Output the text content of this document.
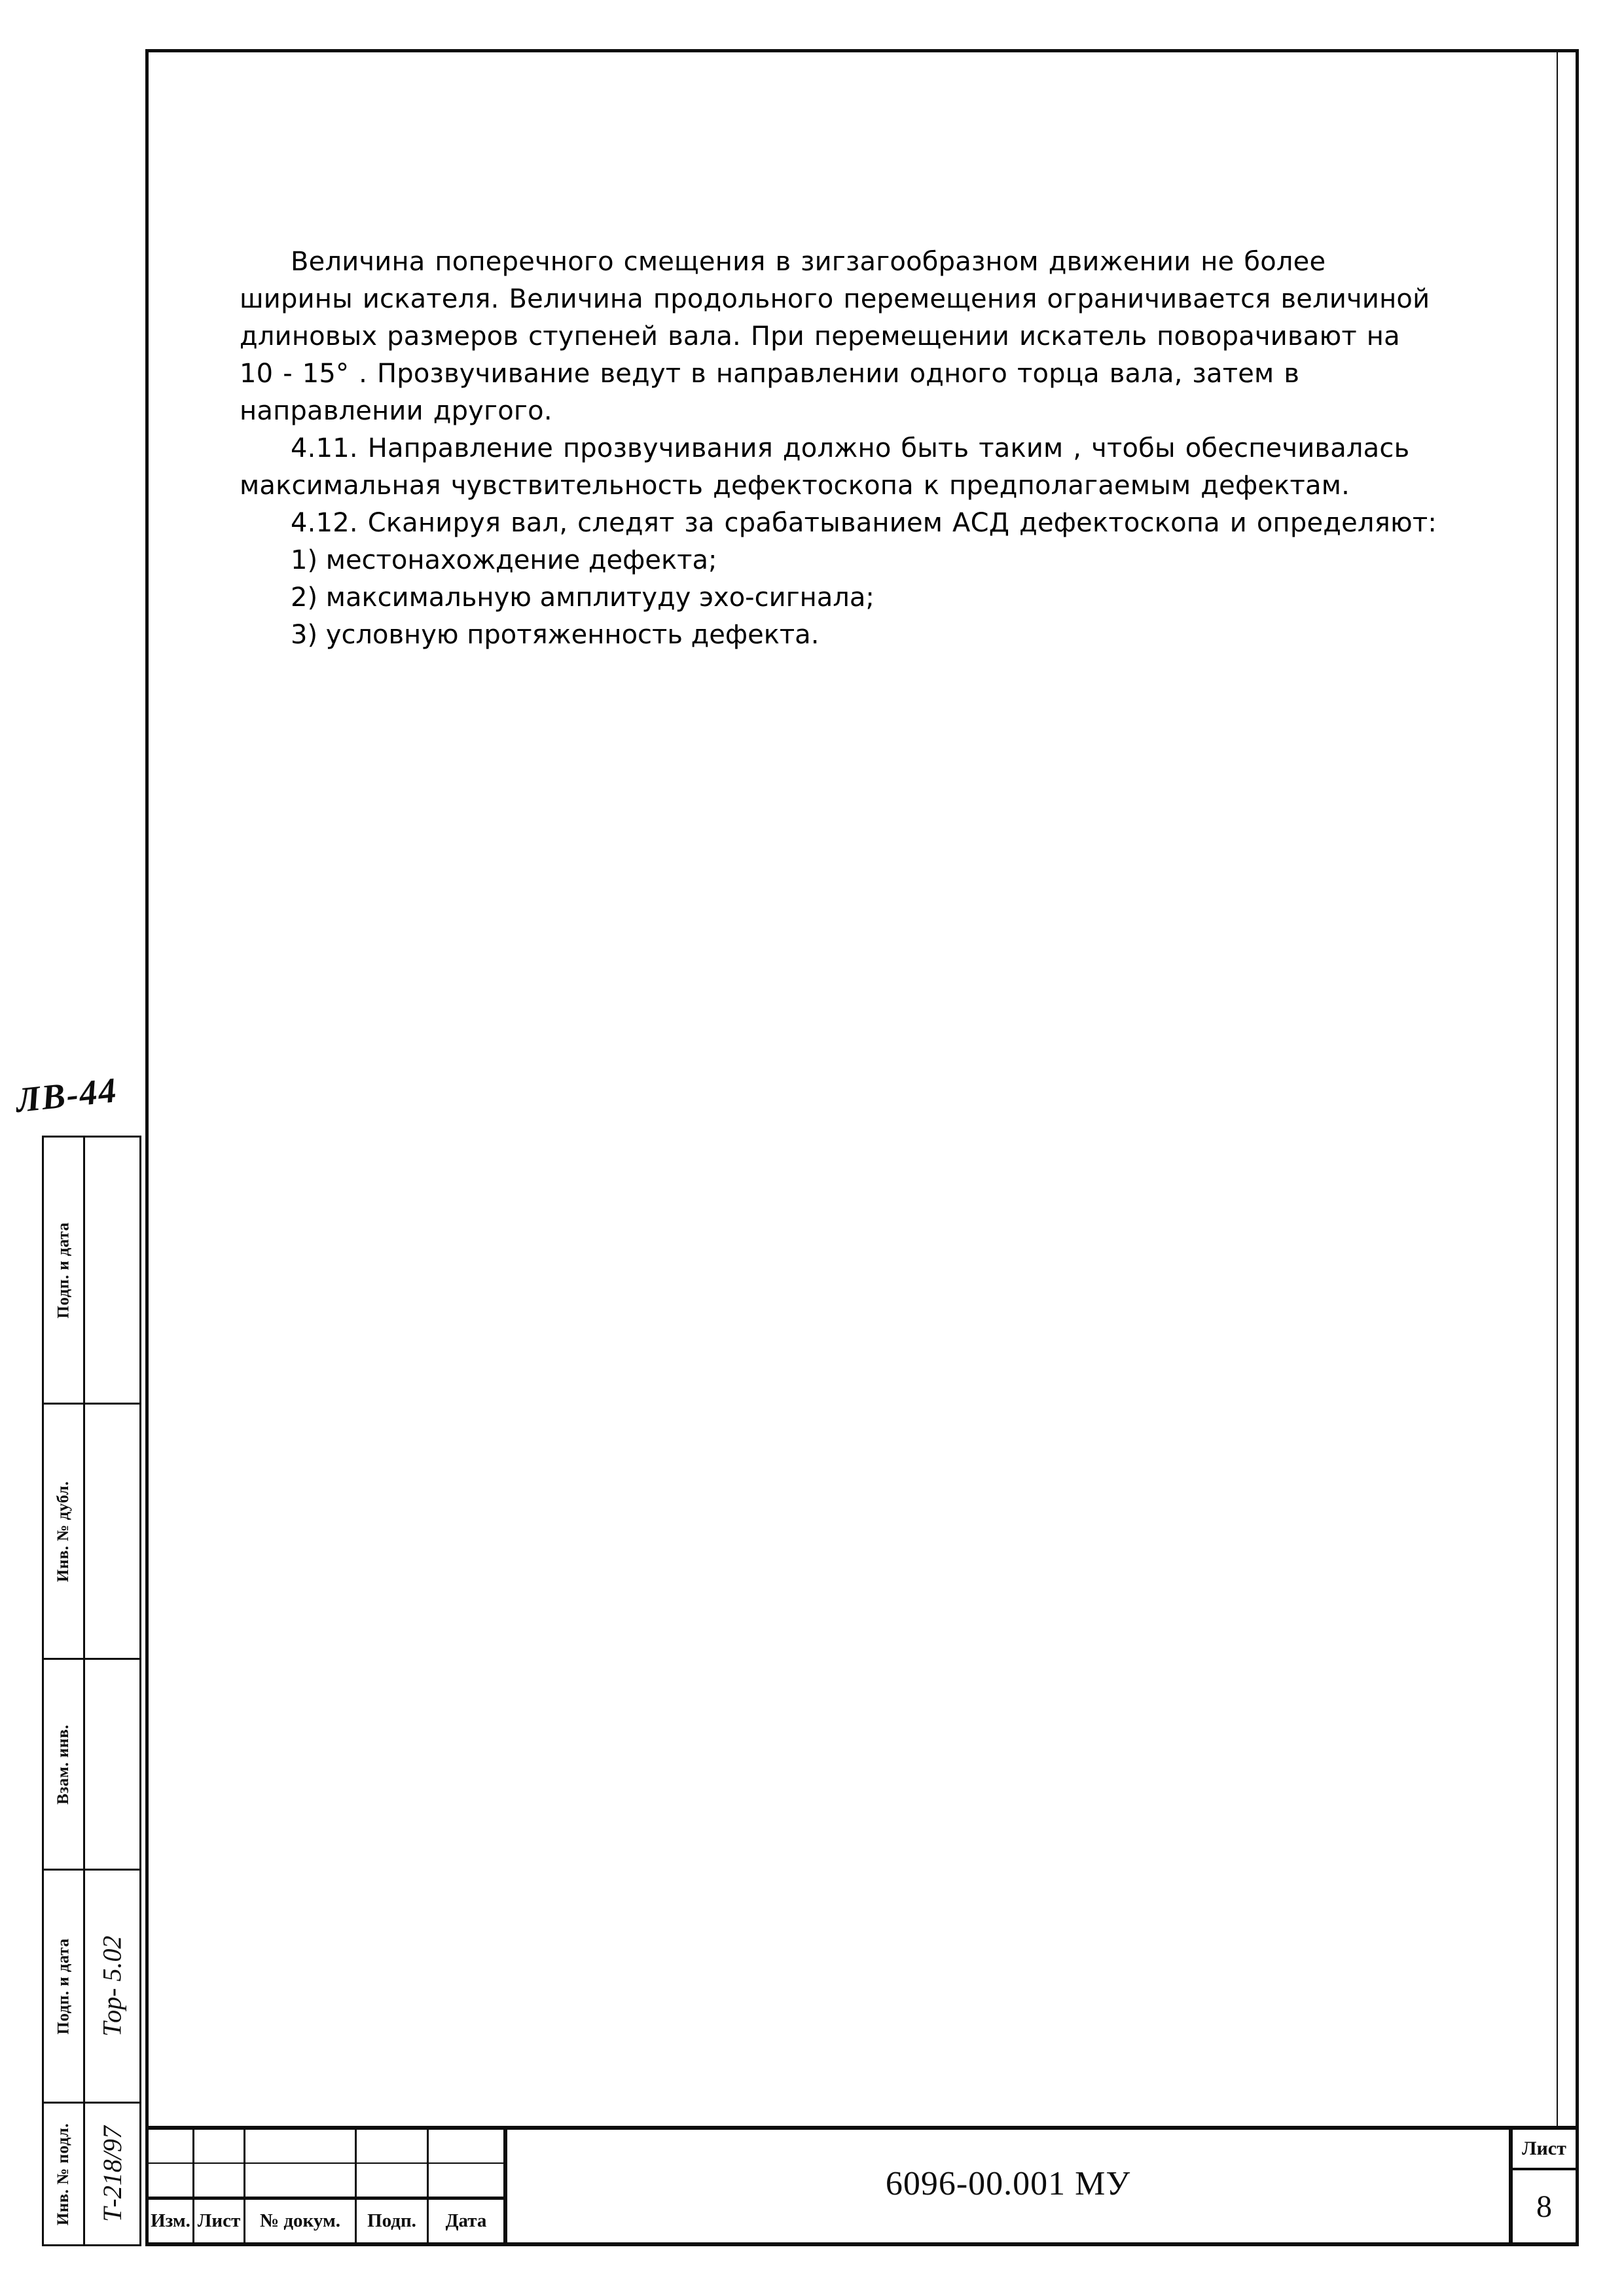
Величина поперечного смещения в зигзагообразном движении не более ширины искателя. Величина продольного перемещения ограничивается величиной длиновых размеров ступеней вала. При перемещении искатель поворачивают на 10 - 15° . Прозвучивание ведут в направлении одного торца вала, затем в направлении другого.

4.11. Направление прозвучивания должно быть таким , чтобы обеспечивалась максимальная чувствительность дефектоскопа к предполагаемым дефектам.

4.12. Сканируя вал, следят за срабатыванием АСД дефектоскопа и определяют:

1) местонахождение дефекта;

2) максимальную амплитуду эхо-сигнала;

3) условную протяженность дефекта.

ЛВ-44
Подп. и дата
Инв. № дубл.
Взам. инв.
Подп. и дата Тор- 5.02
Инв. № подл. Т-218/97 Изм. Лист	№ докум.	Подп.	Дата
6096-00.001 МУ
Лист
8
